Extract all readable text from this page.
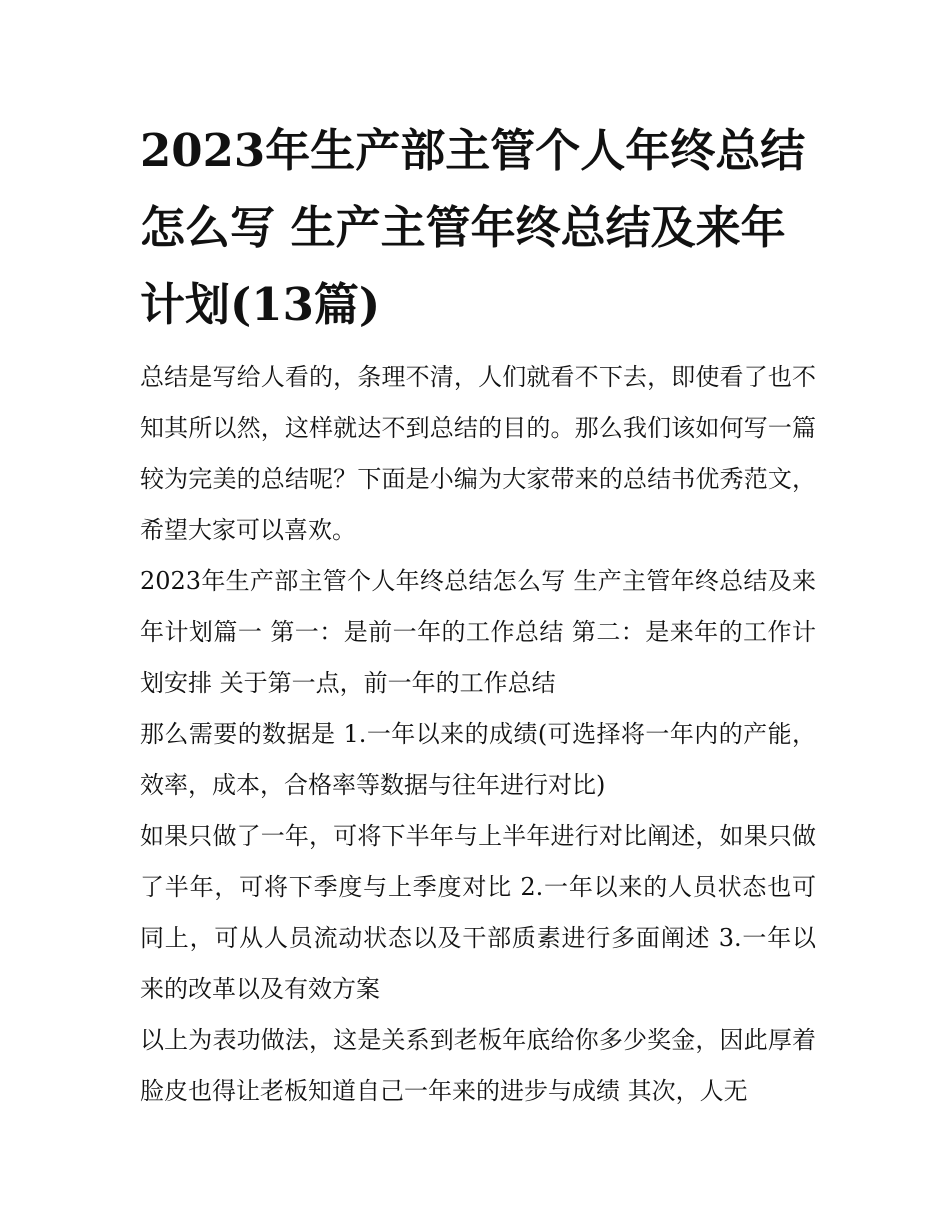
2023年生产部主管个人年终总结怎么写 生产主管年终总结及来年计划(13篇)

总结是写给人看的，条理不清，人们就看不下去，即使看了也不知其所以然，这样就达不到总结的目的。那么我们该如何写一篇较为完美的总结呢？下面是小编为大家带来的总结书优秀范文，希望大家可以喜欢。

2023年生产部主管个人年终总结怎么写 生产主管年终总结及来年计划篇一 第一：是前一年的工作总结 第二：是来年的工作计划安排 关于第一点，前一年的工作总结

那么需要的数据是 1.一年以来的成绩(可选择将一年内的产能，效率，成本，合格率等数据与往年进行对比)

如果只做了一年，可将下半年与上半年进行对比阐述，如果只做了半年，可将下季度与上季度对比 2.一年以来的人员状态也可同上，可从人员流动状态以及干部质素进行多面阐述 3.一年以来的改革以及有效方案

以上为表功做法，这是关系到老板年底给你多少奖金，因此厚着脸皮也得让老板知道自己一年来的进步与成绩 其次，人无
